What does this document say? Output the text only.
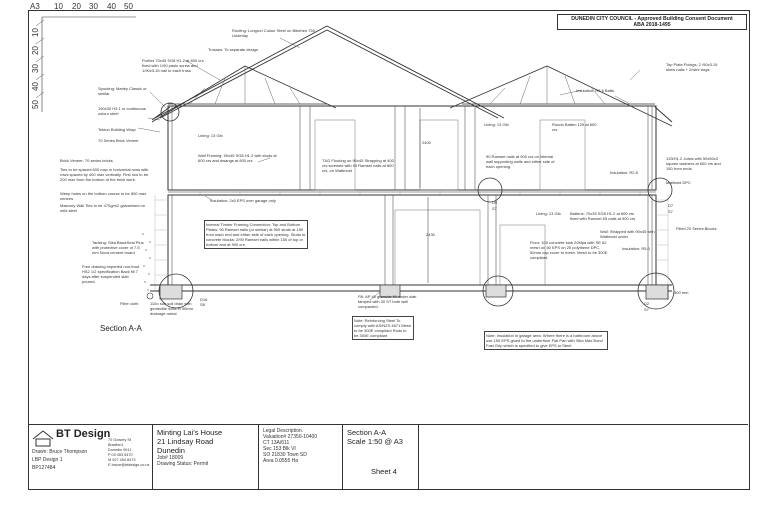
A3 10 20 30 40 50
10
20
30
40
50
DUNEDIN CITY COUNCIL - Approved Building Consent Document
ABA 2018-1495
Roofing: Longrun Colour Steel on Bituthen 750 Underlay
Trusses: To separate design
Purlins 70x45 SG8 H1.2 at 800 crs fixed with 1/90 paslo screw and 1/90x3.15 nail to each truss
Spouting: Marley Classic or similar
190x30 H3.1 or continuous colour steel
Tekton Building Wrap
70 Series Brick Veneer
Lining: 13 Gib
Wall Framing: 90x45 SG8 H1.2 with studs at 600 crs and dwangs at 800 crs
Brick Veneer: 70 series bricks
Ties to be spaced 600 max in horizontal rows with rows spaced by 400 max vertically. First row to be 200 max from the bottom of the brick work.
Weep holes on the bottom course to be 800 max centres
Masonry Wall Ties to be 470g/m2 galvanised on mild steel
2400
T&G Flooring on 90x45 Strapping at 400 crs screwed with 90 Ramset nails at 800 crs, on Wattmoid
Lining: 13 Gib
90 Ramset nails at 900 crs on internal wall supporting walls and either side of each opening.
Rondo Batten 129 at 600 crs
Insulation: R3.6 Batts
Top Plate Fixings: 2 /90x3.15 skew nails + 2/wire dogs
Insulation: R2.8
133/H1.2 Joists with 50x50x3 square washers at 600 crs and 150 from ends.
Insulation: 2x0 EPS over garage only
Internal Timber Framing Connection: Top and Bottom Plates: 90 Ramset nails (or similar) at 900 studs at 150 from each end and either side of each opening. Studs to concrete blocks: 2/90 Ramset nails within 150 of top or bottom and at 900 crs
2430
Tanking: Sika BlackSeal Plus with protective cover of 7.5 mm Nova cement board
Free draining imported non-frost HS2 1/2 specification Back fill 7 days after suspended slab poured.
Filter cloth	110o sub soil drain with geotextile sock in 30mm drainage metal
D16
S8
D9
S7
D7
S7
D2
S7
Lining: 13 Gib	Battens: 70x35 SG8 H1.2 at 600 crs fixed with Ramset 65 nails at 900 crs
Wall: Strapped with 90x45 with Wattmoid under
Insulation: R5.0
Floor: 100 concrete slab 20Mpa with SE 62 mesh on 50 EPS on 25 polythene DPC. 50mm cap cover to mesh. Mesh to be 300E compliant.
Fill: AP 40 granular fill under slab tamped with 30 ST both well compacted.
Note: Reinforcing Steel To comply with AS/NZS 4671 Mesh to be 300E compliant Rods to be 300E compliant
Matthold DPC
Filled 20 Series Blocks
300 mm
Note: Insulation in garage area. Where there is a bathroom above use 150 EPS glued to the underfloor Flat Pan with Sika Max Bond Fast Grip which is specified to give EPS to Steel
Section A-A
BT Design
Drawn: Bruce Thompson
LBP Design 1
BP127484
70 Gowrey St
Bradford,
Dunedin 9011
P 03 453 5470
M 027 454 8473
E bruce@btdesign.co.nz
Minting Lai's House
21 Lindsay Road
Dunedin
Job# 18009
Drawing Status: Permit
Legal Description.
Valuation# 27350-10400
CT 13A/611
Sec 153 Blk VI
SO 21830 Town SD
Area 0.0555 Ha
Section A-A
Scale 1:50 @ A3
Sheet 4
